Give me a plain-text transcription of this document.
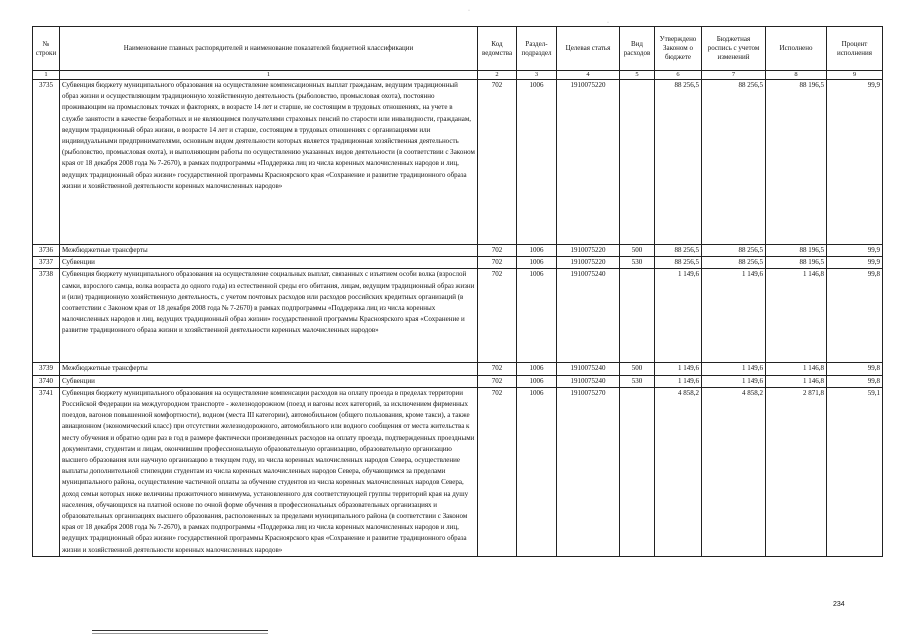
·
·
№ строки	Наименование главных распорядителей и наименование показателей бюджетной классификации	Код ведомства	Раздел-подраздел	Целевая статья	Вид расходов	Утверждено Законом о бюджете	Бюджетная роспись с учетом изменений	Исполнено	Процент исполнения
1	1	2	3	4	5	6	7	8	9
3735	Субвенция бюджету муниципального образования на осуществление компенсационных выплат гражданам, ведущим традиционный образ жизни и осуществляющим традиционную хозяйственную деятельность (рыболовство, промысловая охота), постоянно проживающим на промысловых точках и факториях, в возрасте 14 лет и старше, не состоящим в трудовых отношениях, на учете в службе занятости в качестве безработных и не являющимся получателями страховых пенсий по старости или инвалидности, гражданам, ведущим традиционный образ жизни, в возрасте 14 лет и старше, состоящим в трудовых отношениях с организациями или индивидуальными предпринимателями, основным видом деятельности которых является традиционная хозяйственная деятельность (рыболовство, промысловая охота), и выполняющим работы по осуществлению указанных видов деятельности (в соответствии с Законом края от 18 декабря 2008 года № 7-2670), в рамках подпрограммы «Поддержка лиц из числа коренных малочисленных народов и лиц, ведущих традиционный образ жизни» государственной программы Красноярского края «Сохранение и развитие традиционного образа жизни и хозяйственной деятельности коренных малочисленных народов»	702	1006	1910075220		88 256,5	88 256,5	88 196,5	99,9
3736	Межбюджетные трансферты	702	1006	1910075220	500	88 256,5	88 256,5	88 196,5	99,9
3737	Субвенции	702	1006	1910075220	530	88 256,5	88 256,5	88 196,5	99,9
3738	Субвенция бюджету муниципального образования на осуществление социальных выплат, связанных с изъятием особи волка (взрослой самки, взрослого самца, волка возраста до одного года) из естественной среды его обитания, лицам, ведущим традиционный образ жизни и (или) традиционную хозяйственную деятельность, с учетом почтовых расходов или расходов российских кредитных организаций (в соответствии с Законом края от 18 декабря 2008 года № 7-2670) в рамках подпрограммы «Поддержка лиц из числа коренных малочисленных народов и лиц, ведущих традиционный образ жизни» государственной программы Красноярского края «Сохранение и развитие традиционного образа жизни и хозяйственной деятельности коренных малочисленных народов»	702	1006	1910075240		1 149,6	1 149,6	1 146,8	99,8
3739	Межбюджетные трансферты	702	1006	1910075240	500	1 149,6	1 149,6	1 146,8	99,8
3740	Субвенции	702	1006	1910075240	530	1 149,6	1 149,6	1 146,8	99,8
3741	Субвенция бюджету муниципального образования на осуществление компенсации расходов на оплату проезда в пределах территории Российской Федерации на междугородном транспорте - железнодорожном (поезд и вагоны всех категорий, за исключением фирменных поездов, вагонов повышенной комфортности), водном (места III категории), автомобильном (общего пользования, кроме такси), а также авиационном (экономический класс) при отсутствии железнодорожного, автомобильного или водного сообщения от места жительства к месту обучения и обратно один раз в год в размере фактически произведенных расходов на оплату проезда, подтвержденных проездными документами, студентам и лицам, окончившим профессиональную образовательную организацию, образовательную организацию высшего образования или научную организацию в текущем году, из числа коренных малочисленных народов Севера, осуществление выплаты дополнительной стипендии студентам из числа коренных малочисленных народов Севера, обучающимся за пределами муниципального района, осуществление частичной оплаты за обучение студентов из числа коренных малочисленных народов Севера, доход семьи которых ниже величины прожиточного минимума, установленного для соответствующей группы территорий края на душу населения, обучающихся на платной основе по очной форме обучения в профессиональных образовательных организациях и образовательных организациях высшего образования, расположенных за пределами муниципального района (в соответствии с Законом края от 18 декабря 2008 года № 7-2670), в рамках подпрограммы «Поддержка лиц из числа коренных малочисленных народов и лиц, ведущих традиционный образ жизни» государственной программы Красноярского края «Сохранение и развитие традиционного образа жизни и хозяйственной деятельности коренных малочисленных народов»	702	1006	1910075270		4 858,2	4 858,2	2 871,8	59,1
234
